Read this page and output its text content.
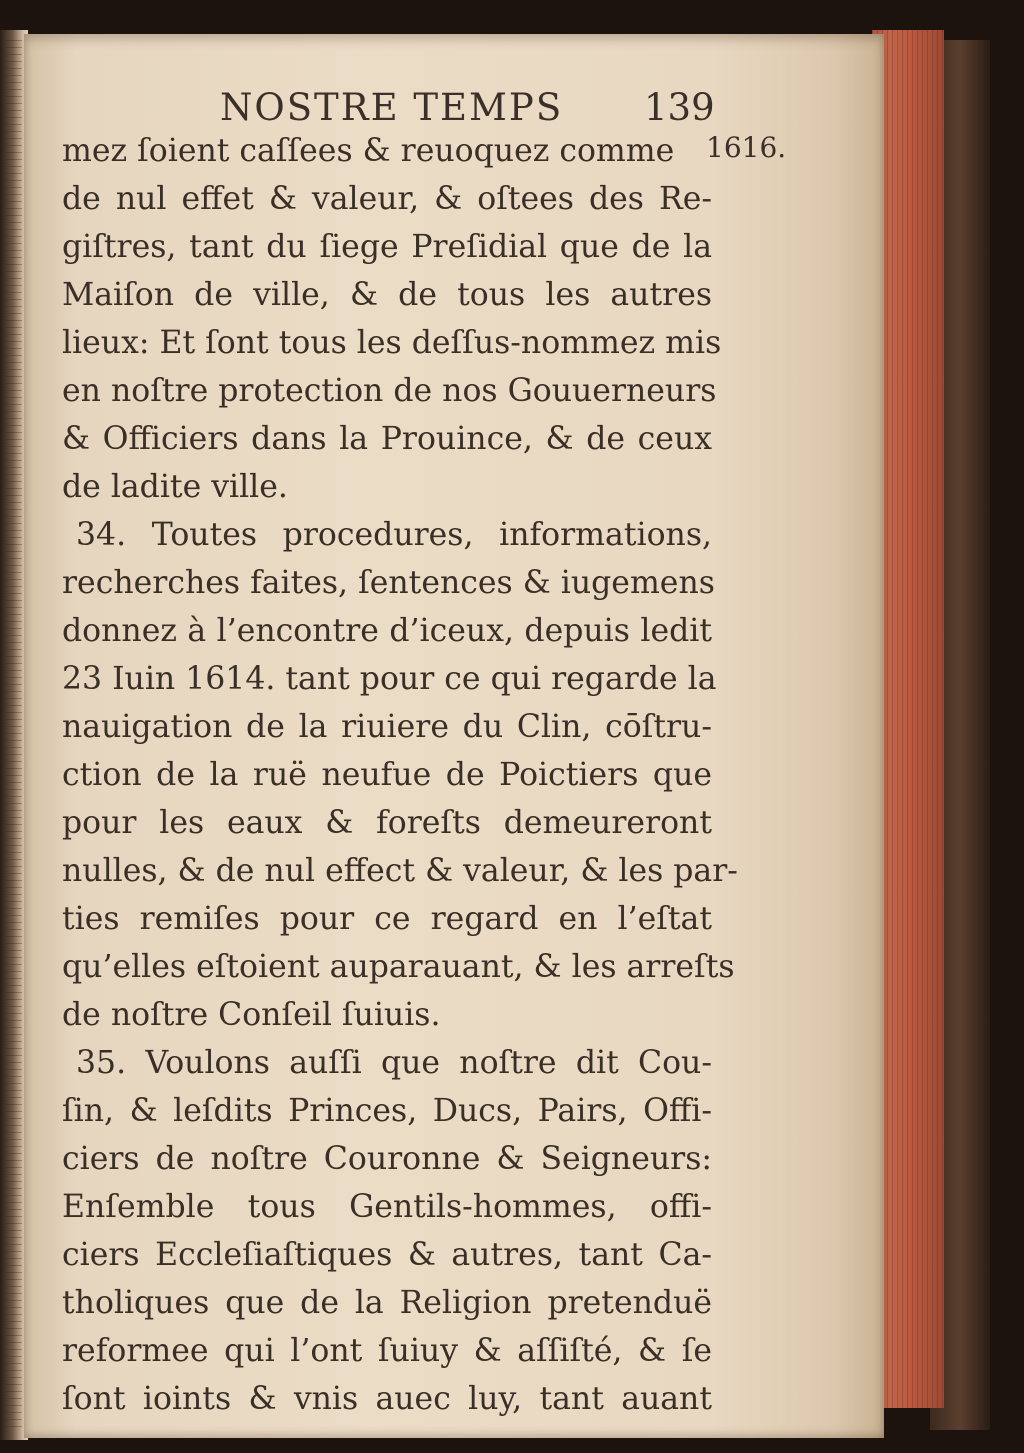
NOSTRE TEMPS 139
1616.
mez ſoient caſſees & reuoquez comme
de nul effet & valeur, & oſtees des Re-
giſtres, tant du ſiege Preſidial que de la
Maiſon de ville, & de tous les autres
lieux: Et ſont tous les deſſus-nommez mis
en noſtre protection de nos Gouuerneurs
& Officiers dans la Prouince, & de ceux
de ladite ville.
34. Toutes procedures, informations,
recherches faites, ſentences & iugemens
donnez à l’encontre d’iceux, depuis ledit
23 Iuin 1614. tant pour ce qui regarde la
nauigation de la riuiere du Clin, cōſtru-
ction de la ruë neufue de Poictiers que
pour les eaux & foreſts demeureront
nulles, & de nul effect & valeur, & les par-
ties remiſes pour ce regard en l’eſtat
qu’elles eſtoient auparauant, & les arreſts
de noſtre Conſeil ſuiuis.
35. Voulons auſſi que noſtre dit Cou-
ſin, & leſdits Princes, Ducs, Pairs, Offi-
ciers de noſtre Couronne & Seigneurs:
Enſemble tous Gentils-hommes, offi-
ciers Eccleſiaſtiques & autres, tant Ca-
tholiques que de la Religion pretenduë
reformee qui l’ont ſuiuy & aſſiſté, & ſe
ſont ioints & vnis auec luy, tant auant
